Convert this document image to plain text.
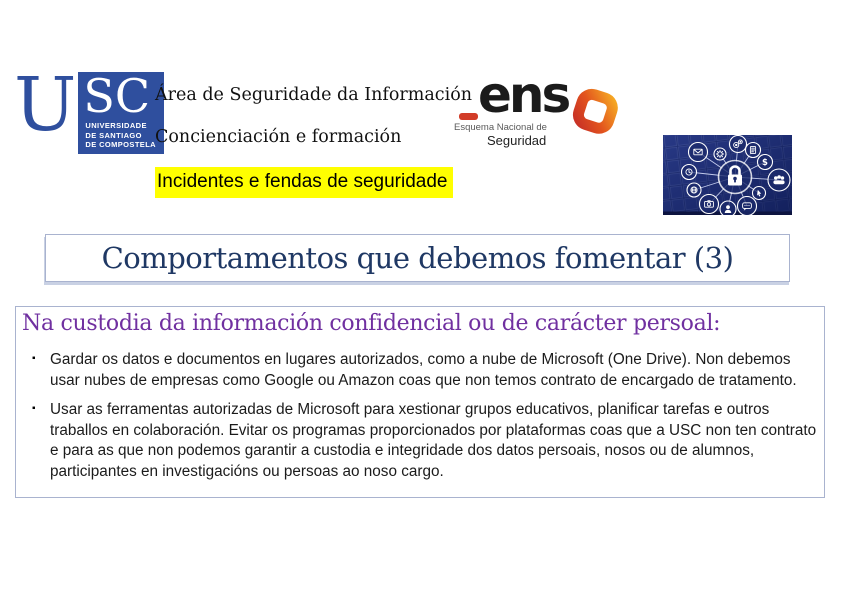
U SC
UNIVERSIDADE
DE SANTIAGO
DE COMPOSTELA
Área de Seguridade da Información
Concienciación e formación
Incidentes e fendas de seguridade
ens
Esquema Nacional de
Seguridad
$
Comportamentos que debemos fomentar (3)
Na custodia da información confidencial ou de carácter persoal:
▪ Gardar os datos e documentos en lugares autorizados, como a nube de Microsoft (One Drive). Non debemos usar nubes de empresas como Google ou Amazon coas que non temos contrato de encargado de tratamento.
▪ Usar as ferramentas autorizadas de Microsoft para xestionar grupos educativos, planificar tarefas e outros traballos en colaboración. Evitar os programas proporcionados por plataformas coas que a USC non ten contrato e para as que non podemos garantir a custodia e integridade dos datos persoais, nosos ou de alumnos, participantes en investigacións ou persoas ao noso cargo.
